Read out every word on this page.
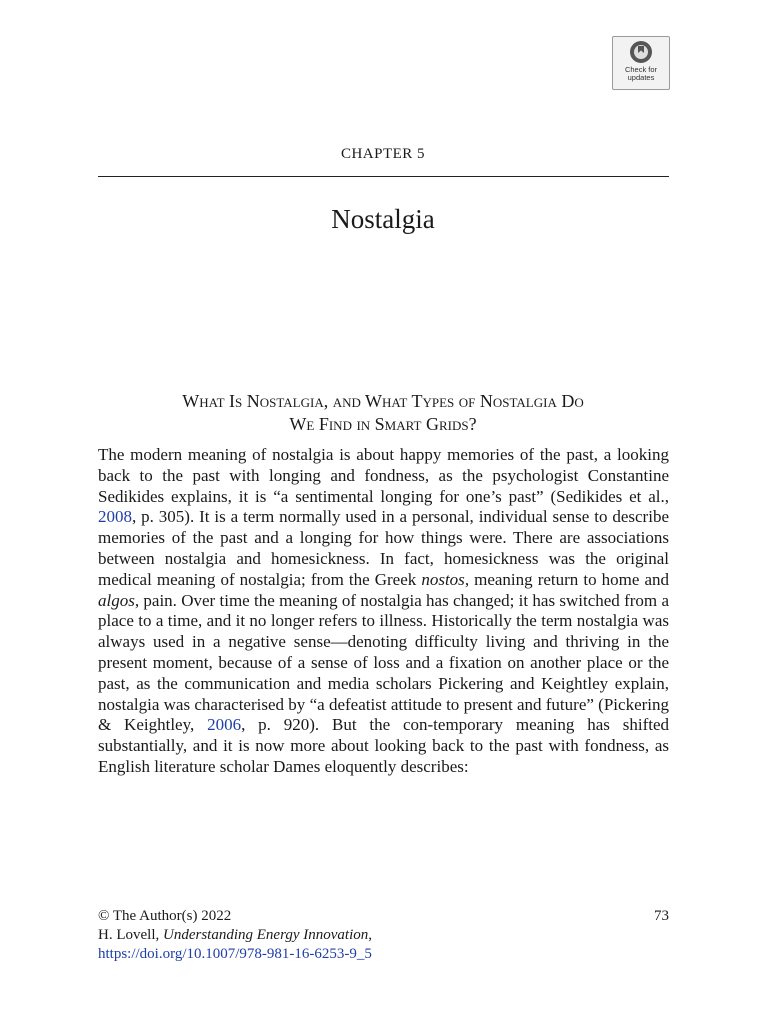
Check for
updates
CHAPTER 5
Nostalgia
What Is Nostalgia, and What Types of Nostalgia Do
We Find in Smart Grids?

The modern meaning of nostalgia is about happy memories of the past, a looking back to the past with longing and fondness, as the psychologist Constantine Sedikides explains, it is “a sentimental longing for one’s past” (Sedikides et al., 2008, p. 305). It is a term normally used in a personal, individual sense to describe memories of the past and a longing for how things were. There are associations between nostalgia and homesickness. In fact, homesickness was the original medical meaning of nostalgia; from the Greek nostos, meaning return to home and algos, pain. Over time the meaning of nostalgia has changed; it has switched from a place to a time, and it no longer refers to illness. Historically the term nostalgia was always used in a negative sense—denoting difficulty living and thriving in the present moment, because of a sense of loss and a fixation on another place or the past, as the communication and media scholars Pickering and Keightley explain, nostalgia was characterised by “a defeatist attitude to present and future” (Pickering & Keightley, 2006, p. 920). But the con-temporary meaning has shifted substantially, and it is now more about looking back to the past with fondness, as English literature scholar Dames eloquently describes:

© The Author(s) 2022
H. Lovell, Understanding Energy Innovation,
https://doi.org/10.1007/978-981-16-6253-9_5
73
